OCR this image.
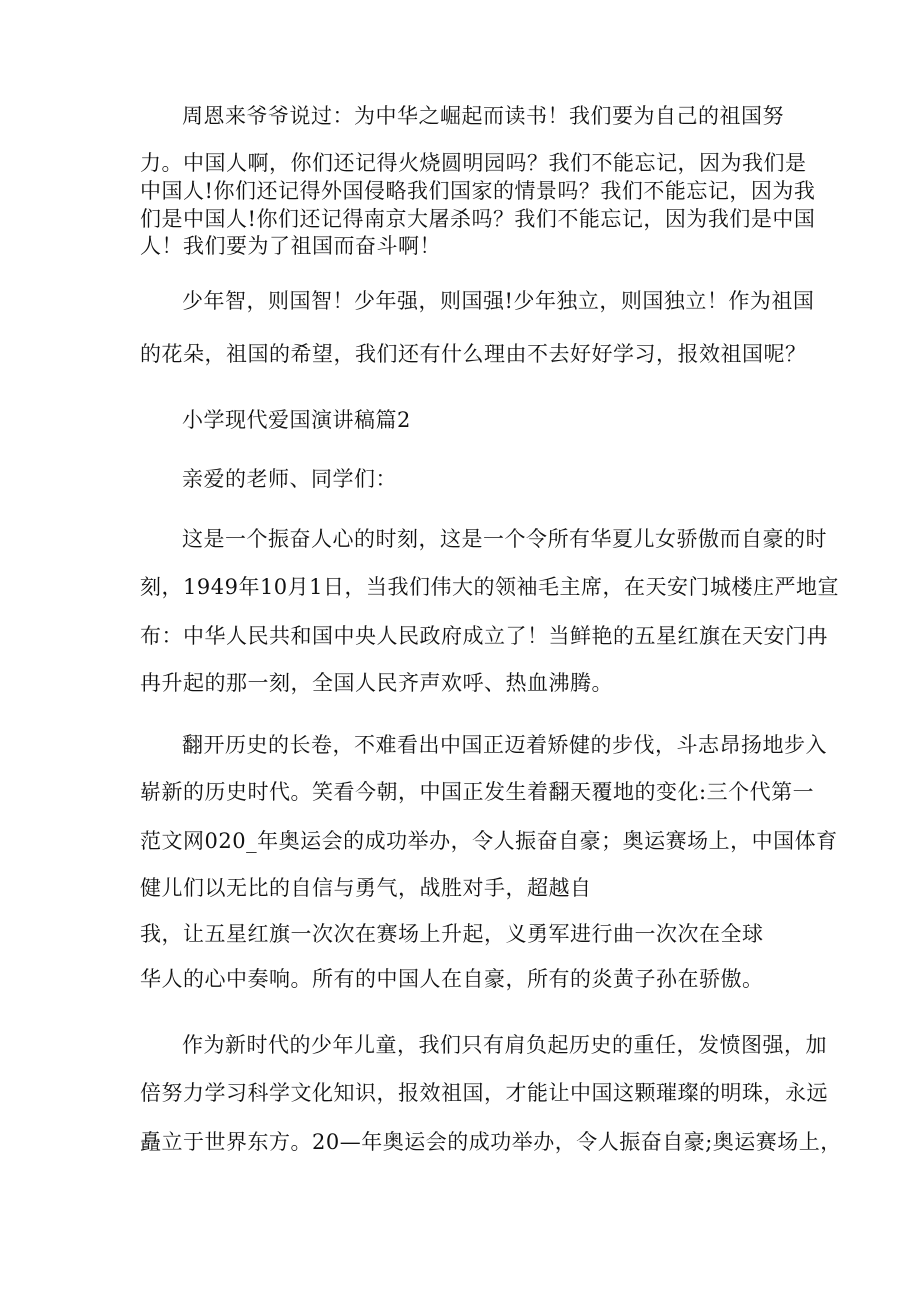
周恩来爷爷说过：为中华之崛起而读书！我们要为自己的祖国努

力。中国人啊，你们还记得火烧圆明园吗？我们不能忘记，因为我们是

中国人!你们还记得外国侵略我们国家的情景吗？我们不能忘记，因为我

们是中国人!你们还记得南京大屠杀吗？我们不能忘记，因为我们是中国

人！我们要为了祖国而奋斗啊！

少年智，则国智！少年强，则国强!少年独立，则国独立！作为祖国

的花朵，祖国的希望，我们还有什么理由不去好好学习，报效祖国呢？

小学现代爱国演讲稿篇2

亲爱的老师、同学们：

这是一个振奋人心的时刻，这是一个令所有华夏儿女骄傲而自豪的时

刻，1949年10月1日，当我们伟大的领袖毛主席，在天安门城楼庄严地宣

布：中华人民共和国中央人民政府成立了！当鲜艳的五星红旗在天安门冉

冉升起的那一刻，全国人民齐声欢呼、热血沸腾。

翻开历史的长卷，不难看出中国正迈着矫健的步伐，斗志昂扬地步入

崭新的历史时代。笑看今朝，中国正发生着翻天覆地的变化:三个代第一

范文网020_年奥运会的成功举办，令人振奋自豪；奥运赛场上，中国体育

健儿们以无比的自信与勇气，战胜对手，超越自

我，让五星红旗一次次在赛场上升起，义勇军进行曲一次次在全球

华人的心中奏响。所有的中国人在自豪，所有的炎黄子孙在骄傲。

作为新时代的少年儿童，我们只有肩负起历史的重任，发愤图强，加

倍努力学习科学文化知识，报效祖国，才能让中国这颗璀璨的明珠，永远

矗立于世界东方。20—年奥运会的成功举办，令人振奋自豪;奥运赛场上，
